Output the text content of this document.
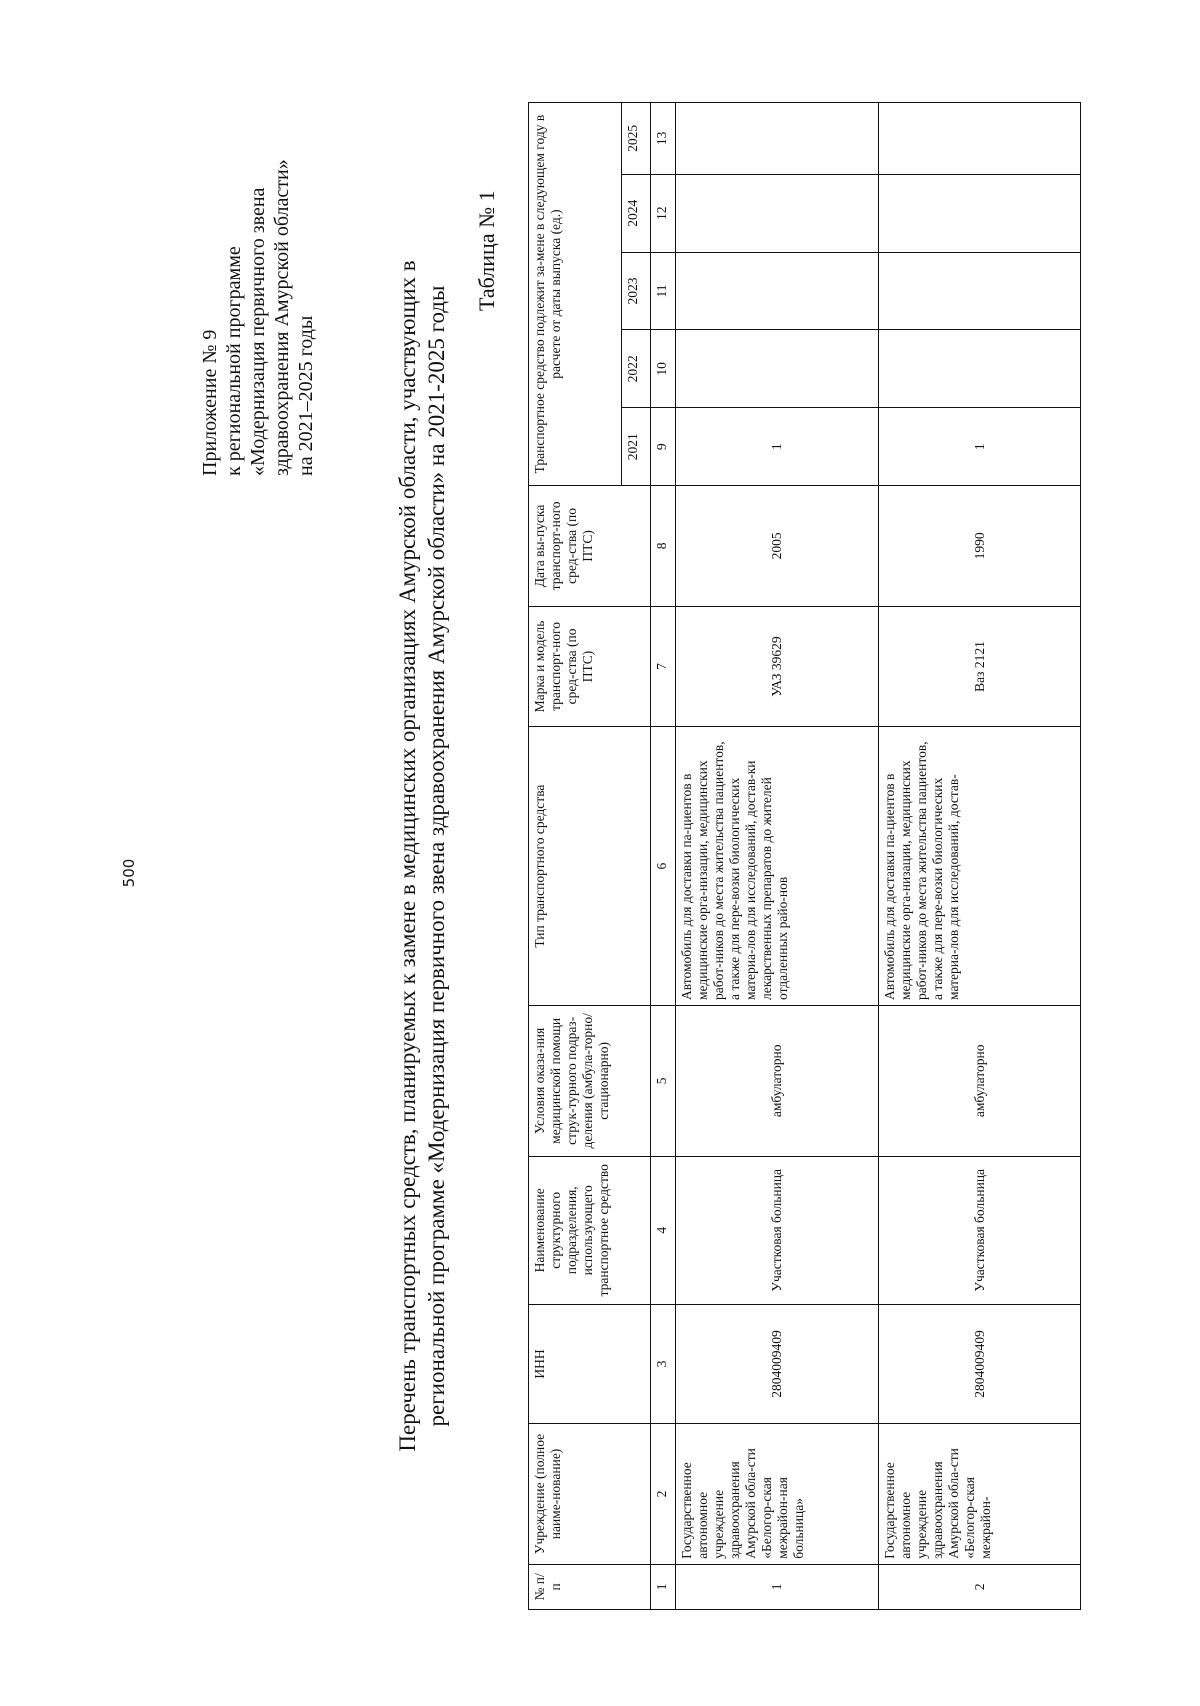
500
Приложение № 9 к региональной программе «Модернизация первичного звена здравоохранения Амурской области» на 2021–2025 годы	Перечень транспортных средств, планируемых к замене в медицинских организациях Амурской области, участвующих в региональной программе «Модернизация первичного звена здравоохранения Амурской области» на 2021-2025 годы
Таблица № 1
№ п/п	Учреждение (полное наиме-нование)	ИНН	Наименование структурного подразделения, использующего транспортное средство	Условия оказа-ния медицинской помощи струк-турного подраз-деления (амбула-торно/ стационарно)	Тип транспортного средства	Марка и модель транспорт-ного сред-ства (по ПТС)	Дата вы-пуска транспорт-ного сред-ства (по ПТС)	Транспортное средство подлежит за-мене в следующем году в расчете от даты выпуска (ед.)				
								2021	2022	2023	2024	2025
1	2	3	4	5	6	7	8	9	10	11	12	13
1	Государственное автономное учреждение здравоохранения Амурской обла-сти «Белогор-ская межрайон-ная больница»	2804009409	Участковая больница	амбулаторно	Автомобиль для доставки па-циентов в медицинские орга-низации, медицинских работ-ников до места жительства пациентов, а также для пере-возки биологических материа-лов для исследований, достав-ки лекарственных препаратов до жителей отдаленных райо-нов	УАЗ 39629	2005	1				
2	Государственное автономное учреждение здравоохранения Амурской обла-сти «Белогор-ская межрайон-	2804009409	Участковая больница	амбулаторно	Автомобиль для доставки па-циентов в медицинские орга-низации, медицинских работ-ников до места жительства пациентов, а также для пере-возки биологических материа-лов для исследований, достав-	Ваз 2121	1990	1				
